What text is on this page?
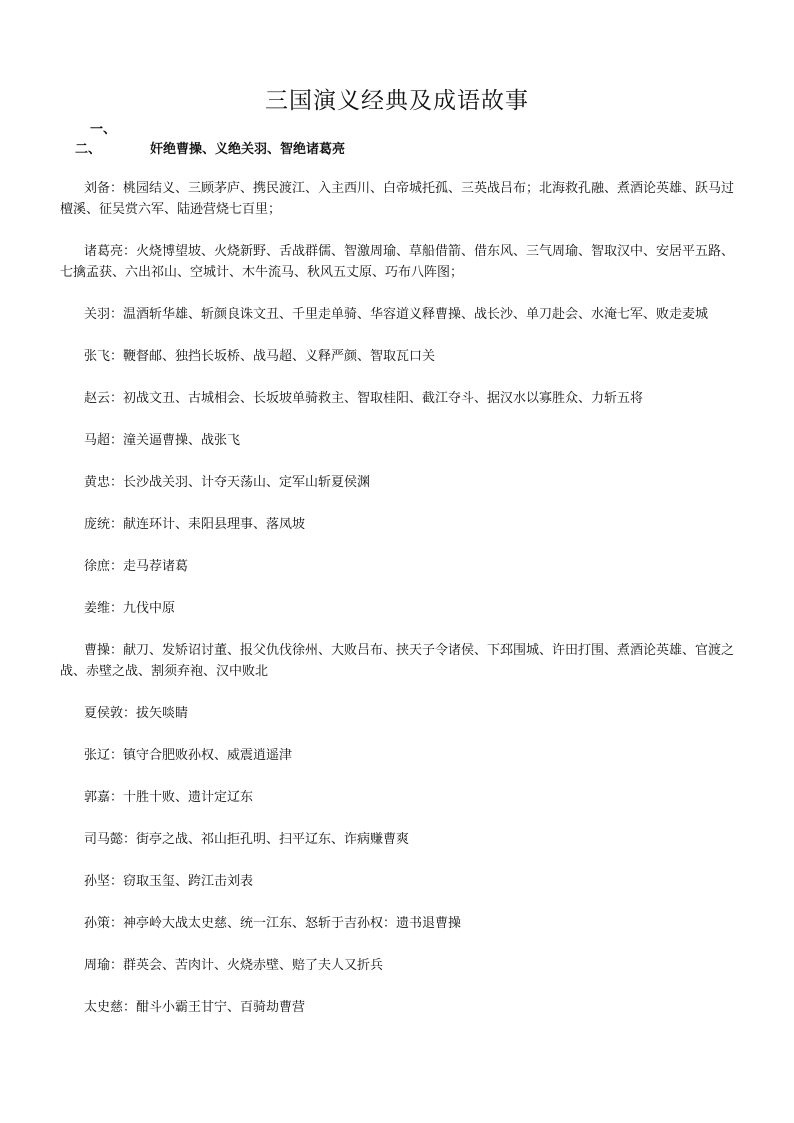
三国演义经典及成语故事
一、
二、	奸绝曹操、义绝关羽、智绝诸葛亮

刘备：桃园结义、三顾茅庐、携民渡江、入主西川、白帝城托孤、三英战吕布；北海救孔融、煮酒论英雄、跃马过檀溪、征吴赏六军、陆逊营烧七百里；

诸葛亮：火烧博望坡、火烧新野、舌战群儒、智激周瑜、草船借箭、借东风、三气周瑜、智取汉中、安居平五路、七擒孟获、六出祁山、空城计、木牛流马、秋风五丈原、巧布八阵图；

关羽：温酒斩华雄、斩颜良诛文丑、千里走单骑、华容道义释曹操、战长沙、单刀赴会、水淹七军、败走麦城

张飞：鞭督邮、独挡长坂桥、战马超、义释严颜、智取瓦口关

赵云：初战文丑、古城相会、长坂坡单骑救主、智取桂阳、截江夺斗、据汉水以寡胜众、力斩五将

马超：潼关逼曹操、战张飞

黄忠：长沙战关羽、计夺天荡山、定军山斩夏侯渊

庞统：献连环计、耒阳县理事、落凤坡

徐庶：走马荐诸葛

姜维：九伐中原

曹操：献刀、发矫诏讨董、报父仇伐徐州、大败吕布、挟天子令诸侯、下邳围城、许田打围、煮酒论英雄、官渡之战、赤壁之战、割须弃袍、汉中败北

夏侯敦：拔矢啖睛

张辽：镇守合肥败孙权、威震逍遥津

郭嘉：十胜十败、遗计定辽东

司马懿：街亭之战、祁山拒孔明、扫平辽东、诈病赚曹爽

孙坚：窃取玉玺、跨江击刘表

孙策：神亭岭大战太史慈、统一江东、怒斩于吉孙权：遗书退曹操

周瑜：群英会、苦肉计、火烧赤壁、赔了夫人又折兵

太史慈：酣斗小霸王甘宁、百骑劫曹营
